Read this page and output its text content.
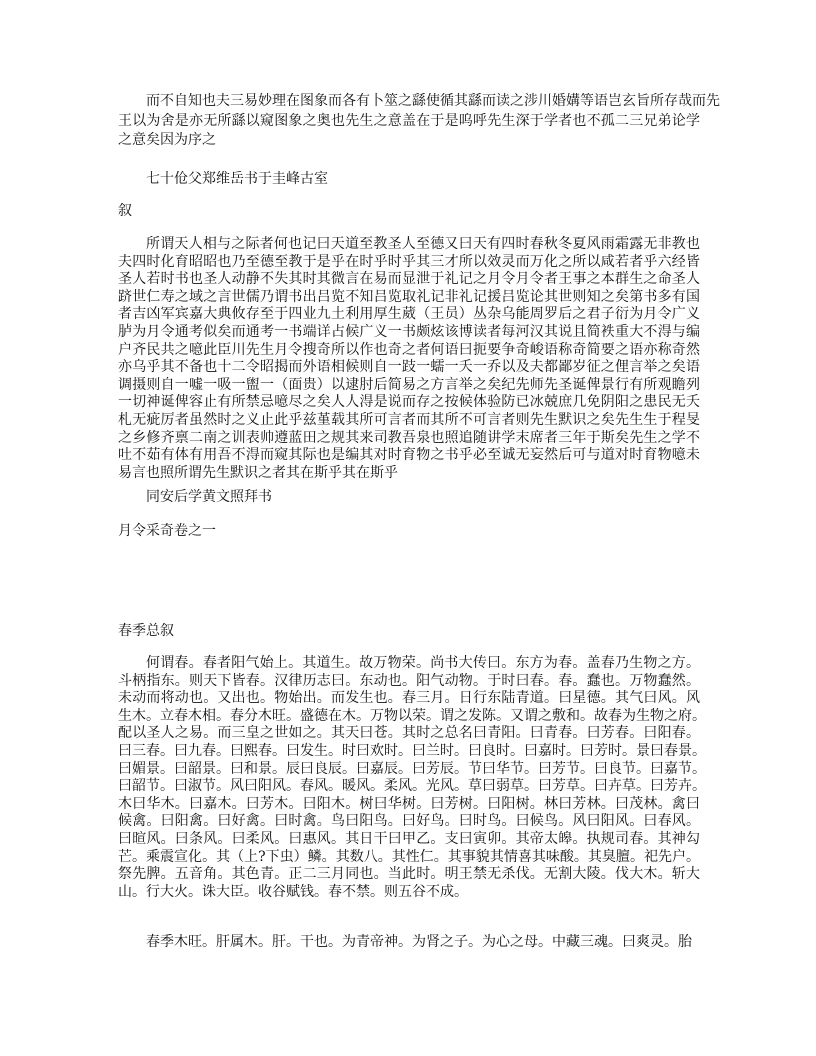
而不自知也夫三易妙理在图象而各有卜筮之繇使循其繇而读之涉川婚媾等语岂玄旨所存哉而先
王以为舍是亦无所繇以窥图象之奥也先生之意盖在于是呜呼先生深于学者也不孤二三兄弟论学
之意矣因为序之
七十伧父郑维岳书于圭峰古室
叙
所谓天人相与之际者何也记曰天道至教圣人至德又曰天有四时春秋冬夏风雨霜露无非教也
夫四时化育昭昭也乃至德至教于是乎在时乎时乎其三才所以效灵而万化之所以咸若者乎六经皆
圣人若时书也圣人动静不失其时其微言在易而显泄于礼记之月令月令者王事之本群生之命圣人
跻世仁寿之域之言世儒乃谓书出吕览不知吕览取礼记非礼记援吕览论其世则知之矣第书多有国
者吉凶军宾嘉大典攸存至于四业九土利用厚生葳（王员）丛杂乌能周罗后之君子衍为月令广义
胪为月令通考似矣而通考一书端详占候广义一书颇炫该博读者每河汉其说且简袟重大不淂与编
户齐民共之噫此臣川先生月令搜奇所以作也奇之者何语曰扼要争奇峻语称奇简要之语亦称奇然
亦乌乎其不备也十二令昭揭而外语相候则自一跂一蠕一夭一乔以及夫都鄙岁征之俚言举之矣语
调摄则自一嘘一吸一盥一（面贵）以逮肘后简易之方言举之矣纪先师先圣诞俾景行有所观瞻列
一切神诞俾容止有所禁忌噫尽之矣人人淂是说而存之按候体验防已冰兢庶几免阴阳之患民无夭
札无疵厉者虽然时之义止此乎兹堇载其所可言者而其所不可言者则先生默识之矣先生生于程旻
之乡修齐禀二南之训表帅遵蓝田之规其来司教吾泉也照追随讲学末席者三年于斯矣先生之学不
吐不茹有体有用吾不淂而窥其际也是编其对时育物之书乎必至诚无妄然后可与道对时育物噫未
易言也照所谓先生默识之者其在斯乎其在斯乎
同安后学黄文照拜书
月令采奇卷之一
春季总叙
何谓春。春者阳气始上。其道生。故万物荣。尚书大传曰。东方为春。盖春乃生物之方。
斗柄指东。则天下皆春。汉律历志曰。东动也。阳气动物。于时曰春。春。蠢也。万物蠢然。
未动而将动也。又出也。物始出。而发生也。春三月。日行东陆青道。曰星德。其气曰风。风
生木。立春木相。春分木旺。盛德在木。万物以荣。谓之发陈。又谓之敷和。故春为生物之府。
配以圣人之易。而三皇之世如之。其天曰苍。其时之总名曰青阳。曰青春。曰芳春。曰阳春。
曰三春。曰九春。曰熙春。曰发生。时曰欢时。曰兰时。曰良时。曰嘉时。曰芳时。景曰春景。
曰媚景。曰韶景。曰和景。辰曰良辰。曰嘉辰。曰芳辰。节曰华节。曰芳节。曰良节。曰嘉节。
曰韶节。曰淑节。风曰阳风。春风。暖风。柔风。光风。草曰弱草。曰芳草。曰卉草。曰芳卉。
木曰华木。曰嘉木。曰芳木。曰阳木。树曰华树。曰芳树。曰阳树。林曰芳林。曰茂林。禽曰
候禽。曰阳禽。曰好禽。曰时禽。鸟曰阳鸟。曰好鸟。曰时鸟。曰候鸟。风曰阳风。曰春风。
曰暄风。曰条风。曰柔风。曰惠风。其日干曰甲乙。支曰寅卯。其帝太皞。执规司春。其神勾
芒。乘震宣化。其（上?下虫）鳞。其数八。其性仁。其事貌其情喜其味酸。其臭膻。祀先户。
祭先脾。五音角。其色青。正二三月同也。当此时。明王禁无杀伐。无割大陵。伐大木。斩大
山。行大火。诛大臣。收谷赋钱。春不禁。则五谷不成。
春季木旺。肝属木。肝。干也。为青帝神。为肾之子。为心之母。中藏三魂。曰爽灵。胎
